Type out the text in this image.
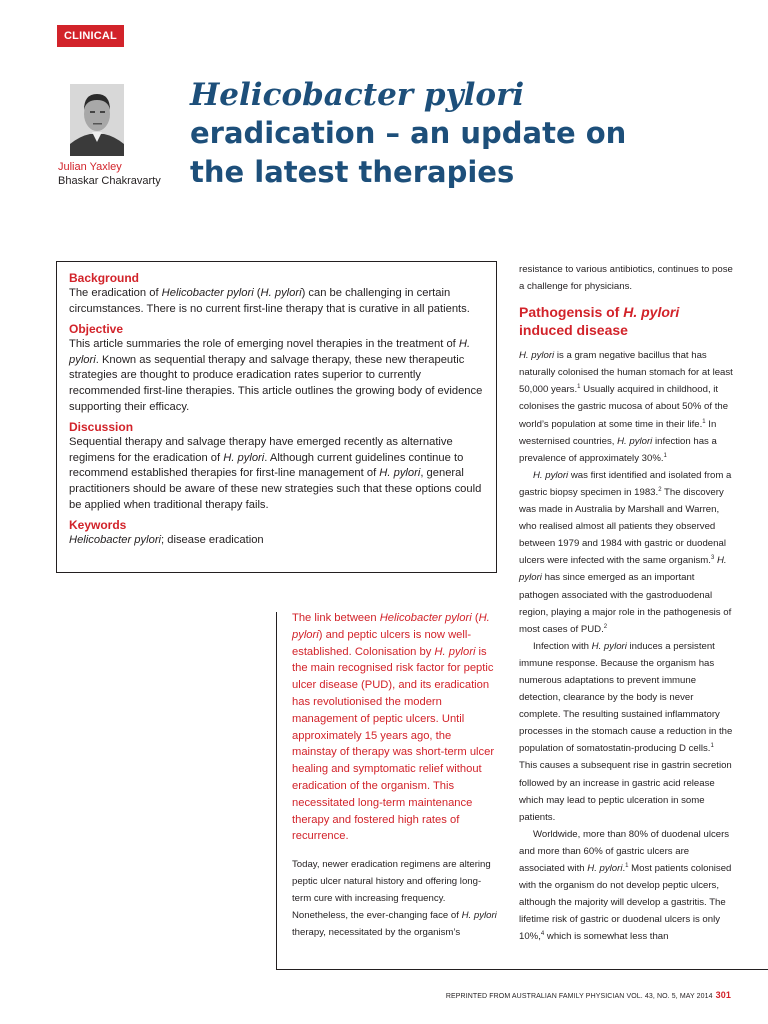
CLINICAL
Julian Yaxley
Bhaskar Chakravarty
Helicobacter pylori
eradication – an update on
the latest therapies
Background

The eradication of Helicobacter pylori (H. pylori) can be challenging in certain circumstances. There is no current first-line therapy that is curative in all patients.

Objective

This article summaries the role of emerging novel therapies in the treatment of H. pylori. Known as sequential therapy and salvage therapy, these new therapeutic strategies are thought to produce eradication rates superior to currently recommended first-line therapies. This article outlines the growing body of evidence supporting their efficacy.

Discussion

Sequential therapy and salvage therapy have emerged recently as alternative regimens for the eradication of H. pylori. Although current guidelines continue to recommend established therapies for first-line management of H. pylori, general practitioners should be aware of these new strategies such that these options could be applied when traditional therapy fails.

Keywords

Helicobacter pylori; disease eradication

resistance to various antibiotics, continues to pose a challenge for physicians.

Pathogensis of H. pylori
induced disease

H. pylori is a gram negative bacillus that has naturally colonised the human stomach for at least 50,000 years.$^1$ Usually acquired in childhood, it colonises the gastric mucosa of about 50% of the world’s population at some time in their life.$^1$ In westernised countries, H. pylori infection has a prevalence of approximately 30%.$^1$

H. pylori was first identified and isolated from a gastric biopsy specimen in 1983.$^2$ The discovery was made in Australia by Marshall and Warren, who realised almost all patients they observed between 1979 and 1984 with gastric or duodenal ulcers were infected with the same organism.$^3$ H. pylori has since emerged as an important pathogen associated with the gastroduodenal region, playing a major role in the pathogenesis of most cases of PUD.$^2$

Infection with H. pylori induces a persistent immune response. Because the organism has numerous adaptations to prevent immune detection, clearance by the body is never complete. The resulting sustained inflammatory processes in the stomach cause a reduction in the population of somatostatin-producing D cells.$^1$ This causes a subsequent rise in gastrin secretion followed by an increase in gastric acid release which may lead to peptic ulceration in some patients.

Worldwide, more than 80% of duodenal ulcers and more than 60% of gastric ulcers are associated with H. pylori.$^1$ Most patients colonised with the organism do not develop peptic ulcers, although the majority will develop a gastritis. The lifetime risk of gastric or duodenal ulcers is only 10%,$^4$ which is somewhat less than

The link between Helicobacter pylori (H. pylori) and peptic ulcers is now well-established. Colonisation by H. pylori is the main recognised risk factor for peptic ulcer disease (PUD), and its eradication has revolutionised the modern management of peptic ulcers. Until approximately 15 years ago, the mainstay of therapy was short-term ulcer healing and symptomatic relief without eradication of the organism. This necessitated long-term maintenance therapy and fostered high rates of recurrence.
Today, newer eradication regimens are altering peptic ulcer natural history and offering long-term cure with increasing frequency. Nonetheless, the ever-changing face of H. pylori therapy, necessitated by the organism’s
REPRINTED FROM AUSTRALIAN FAMILY PHYSICIAN VOL. 43, NO. 5, MAY 2014 301
